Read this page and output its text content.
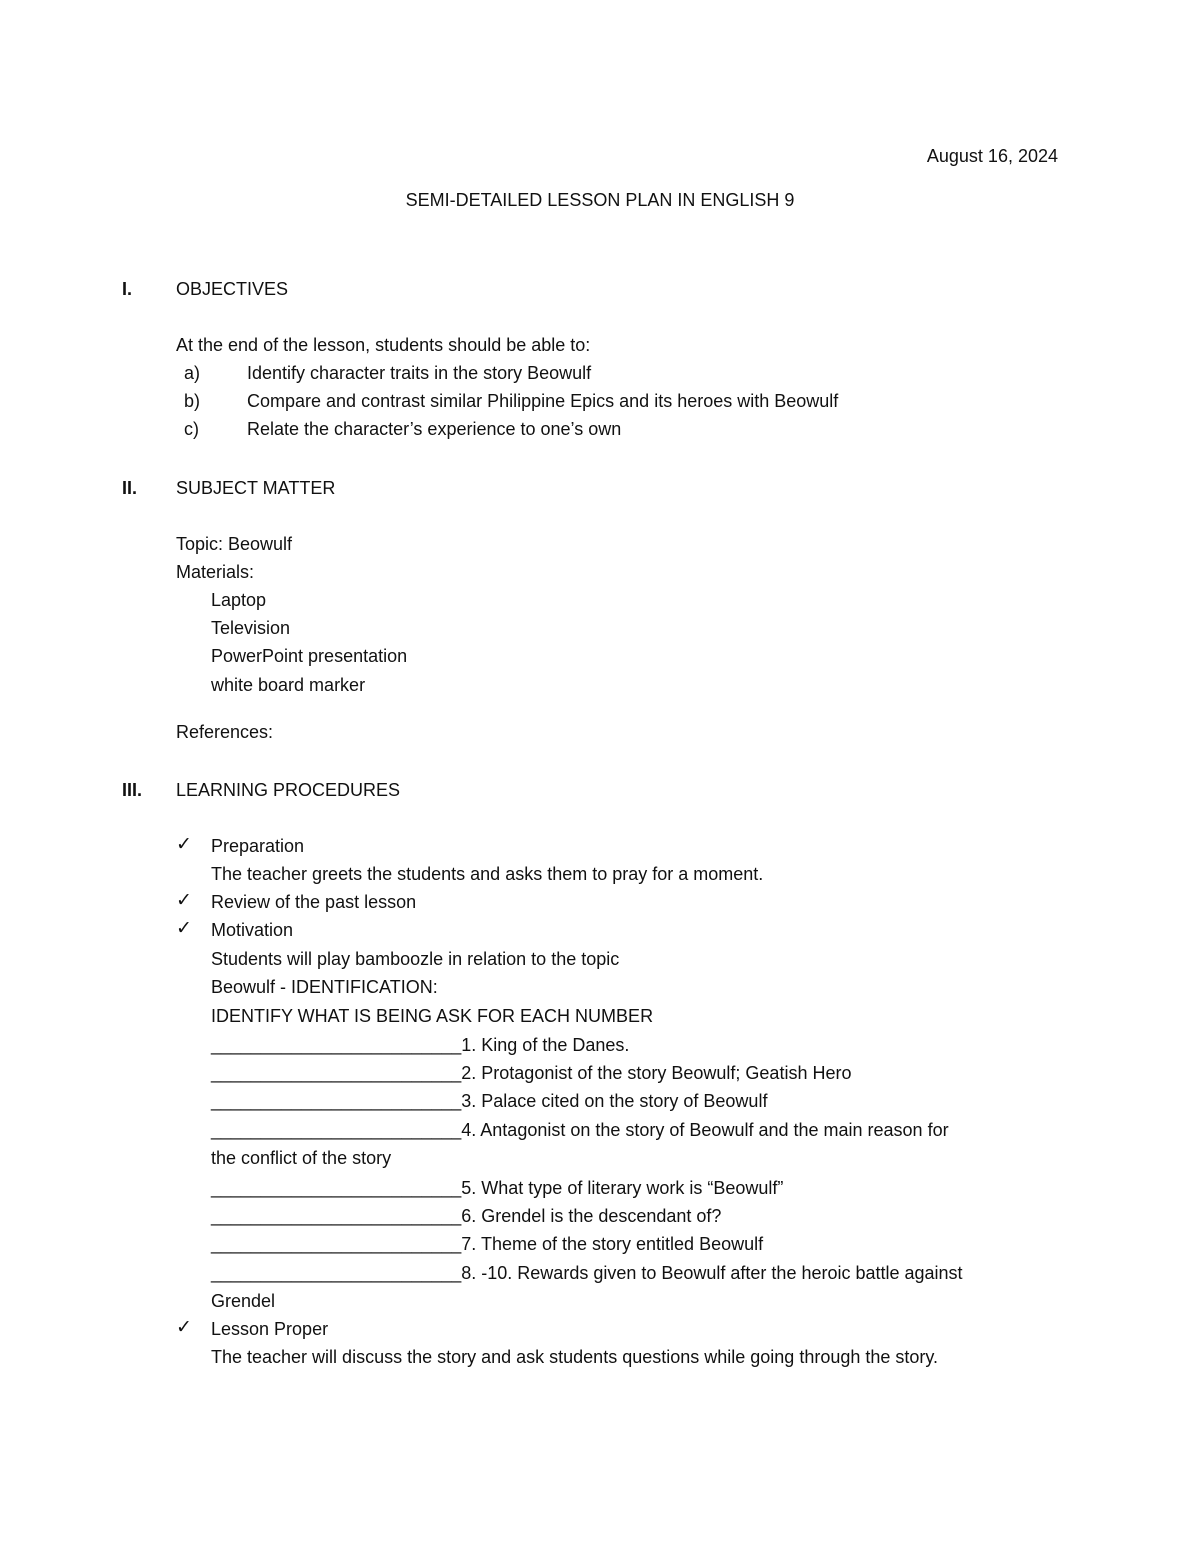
August 16, 2024
SEMI-DETAILED LESSON PLAN IN ENGLISH 9
I. OBJECTIVES
At the end of the lesson, students should be able to:
a)	Identify character traits in the story Beowulf
b)	Compare and contrast similar Philippine Epics and its heroes with Beowulf
c)	Relate the character’s experience to one’s own
II. SUBJECT MATTER
Topic: Beowulf
Materials:
Laptop
Television
PowerPoint presentation
white board marker
References:
III. LEARNING PROCEDURES
✓ Preparation
The teacher greets the students and asks them to pray for a moment.
✓ Review of the past lesson
✓ Motivation
Students will play bamboozle in relation to the topic
Beowulf - IDENTIFICATION:
IDENTIFY WHAT IS BEING ASK FOR EACH NUMBER
_________________________1. King of the Danes.
_________________________2. Protagonist of the story Beowulf; Geatish Hero
_________________________3. Palace cited on the story of Beowulf
_________________________4. Antagonist on the story of Beowulf and the main reason for
the conflict of the story
_________________________5. What type of literary work is “Beowulf”
_________________________6. Grendel is the descendant of?
_________________________7. Theme of the story entitled Beowulf
_________________________8. -10. Rewards given to Beowulf after the heroic battle against
Grendel
✓ Lesson Proper
The teacher will discuss the story and ask students questions while going through the story.
